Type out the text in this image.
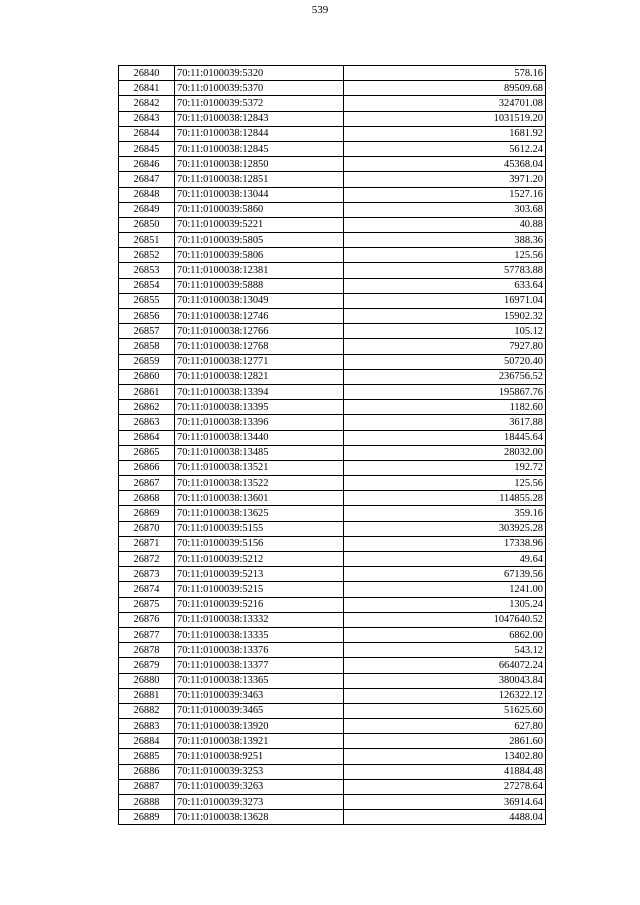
539
26840	70:11:0100039:5320	578.16
26841	70:11:0100039:5370	89509.68
26842	70:11:0100039:5372	324701.08
26843	70:11:0100038:12843	1031519.20
26844	70:11:0100038:12844	1681.92
26845	70:11:0100038:12845	5612.24
26846	70:11:0100038:12850	45368.04
26847	70:11:0100038:12851	3971.20
26848	70:11:0100038:13044	1527.16
26849	70:11:0100039:5860	303.68
26850	70:11:0100039:5221	40.88
26851	70:11:0100039:5805	388.36
26852	70:11:0100039:5806	125.56
26853	70:11:0100038:12381	57783.88
26854	70:11:0100039:5888	633.64
26855	70:11:0100038:13049	16971.04
26856	70:11:0100038:12746	15902.32
26857	70:11:0100038:12766	105.12
26858	70:11:0100038:12768	7927.80
26859	70:11:0100038:12771	50720.40
26860	70:11:0100038:12821	236756.52
26861	70:11:0100038:13394	195867.76
26862	70:11:0100038:13395	1182.60
26863	70:11:0100038:13396	3617.88
26864	70:11:0100038:13440	18445.64
26865	70:11:0100038:13485	28032.00
26866	70:11:0100038:13521	192.72
26867	70:11:0100038:13522	125.56
26868	70:11:0100038:13601	114855.28
26869	70:11:0100038:13625	359.16
26870	70:11:0100039:5155	303925.28
26871	70:11:0100039:5156	17338.96
26872	70:11:0100039:5212	49.64
26873	70:11:0100039:5213	67139.56
26874	70:11:0100039:5215	1241.00
26875	70:11:0100039:5216	1305.24
26876	70:11:0100038:13332	1047640.52
26877	70:11:0100038:13335	6862.00
26878	70:11:0100038:13376	543.12
26879	70:11:0100038:13377	664072.24
26880	70:11:0100038:13365	380043.84
26881	70:11:0100039:3463	126322.12
26882	70:11:0100039:3465	51625.60
26883	70:11:0100038:13920	627.80
26884	70:11:0100038:13921	2861.60
26885	70:11:0100038:9251	13402.80
26886	70:11:0100039:3253	41884.48
26887	70:11:0100039:3263	27278.64
26888	70:11:0100039:3273	36914.64
26889	70:11:0100038:13628	4488.04
